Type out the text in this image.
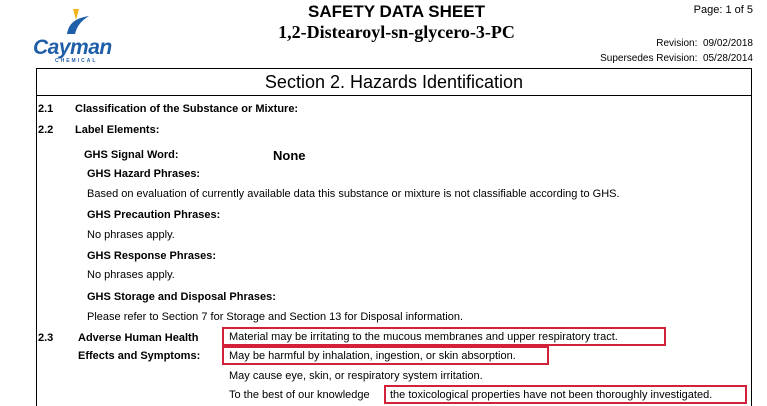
Cayman
CHEMICAL
SAFETY DATA SHEET
1,2-Distearoyl-sn-glycero-3-PC
Page: 1 of 5
Revision: 09/02/2018
Supersedes Revision: 05/28/2014
Section 2. Hazards Identification
2.1 Classification of the Substance or Mixture:
2.2 Label Elements:
GHS Signal Word:	None
GHS Hazard Phrases:
Based on evaluation of currently available data this substance or mixture is not classifiable according to GHS.
GHS Precaution Phrases:
No phrases apply.
GHS Response Phrases:
No phrases apply.
GHS Storage and Disposal Phrases:
Please refer to Section 7 for Storage and Section 13 for Disposal information.
2.3 Adverse Human Health
Effects and Symptoms:
Material may be irritating to the mucous membranes and upper respiratory tract.
May be harmful by inhalation, ingestion, or skin absorption.
May cause eye, skin, or respiratory system irritation.
To the best of our knowledge the toxicological properties have not been thoroughly investigated.
